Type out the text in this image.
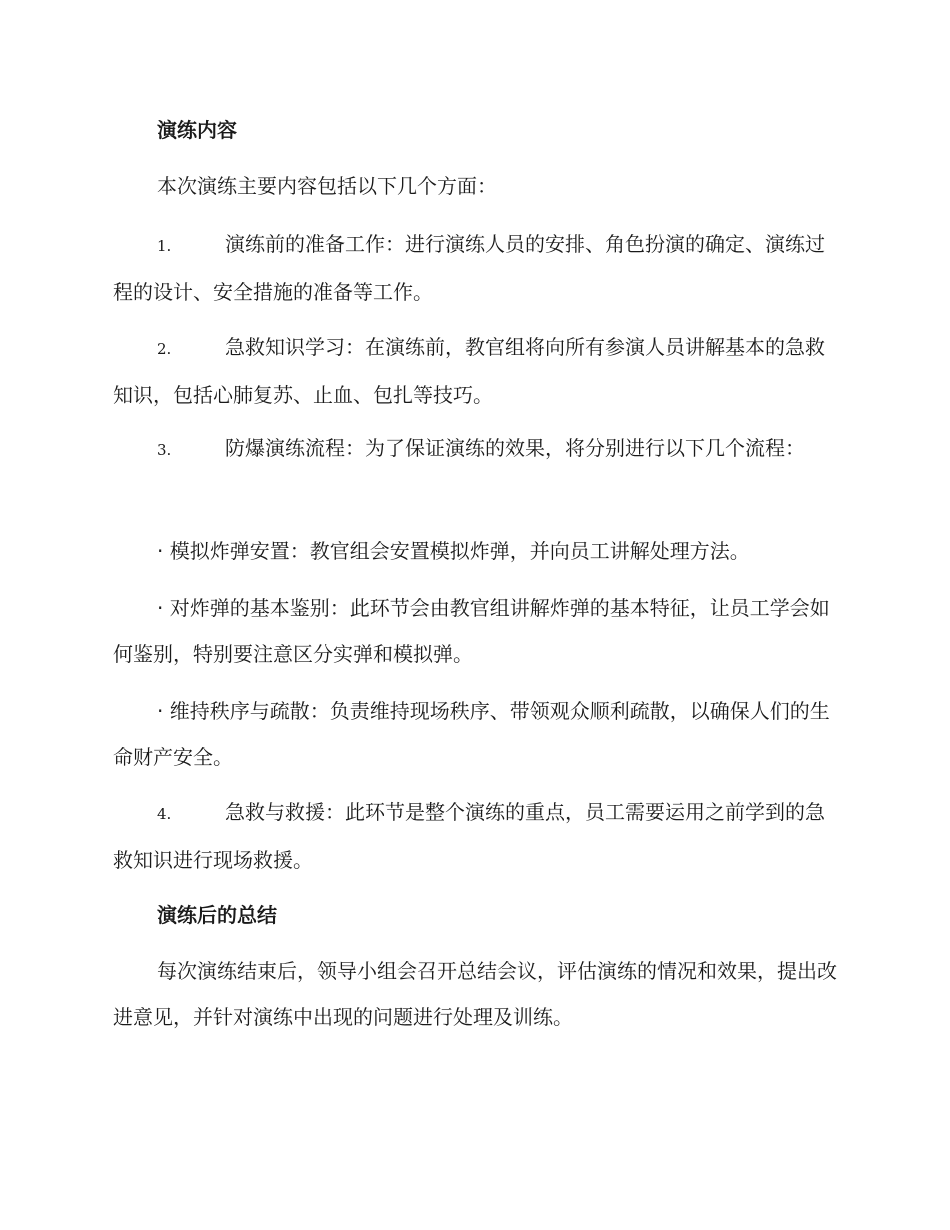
演练内容

本次演练主要内容包括以下几个方面：

1.	演练前的准备工作：进行演练人员的安排、角色扮演的确定、演练过程的设计、安全措施的准备等工作。

2.	急救知识学习：在演练前，教官组将向所有参演人员讲解基本的急救知识，包括心肺复苏、止血、包扎等技巧。

3.	防爆演练流程：为了保证演练的效果，将分别进行以下几个流程：

· 模拟炸弹安置：教官组会安置模拟炸弹，并向员工讲解处理方法。

· 对炸弹的基本鉴别：此环节会由教官组讲解炸弹的基本特征，让员工学会如何鉴别，特别要注意区分实弹和模拟弹。

· 维持秩序与疏散：负责维持现场秩序、带领观众顺利疏散，以确保人们的生命财产安全。

4.	急救与救援：此环节是整个演练的重点，员工需要运用之前学到的急救知识进行现场救援。

演练后的总结

每次演练结束后，领导小组会召开总结会议，评估演练的情况和效果，提出改进意见，并针对演练中出现的问题进行处理及训练。
